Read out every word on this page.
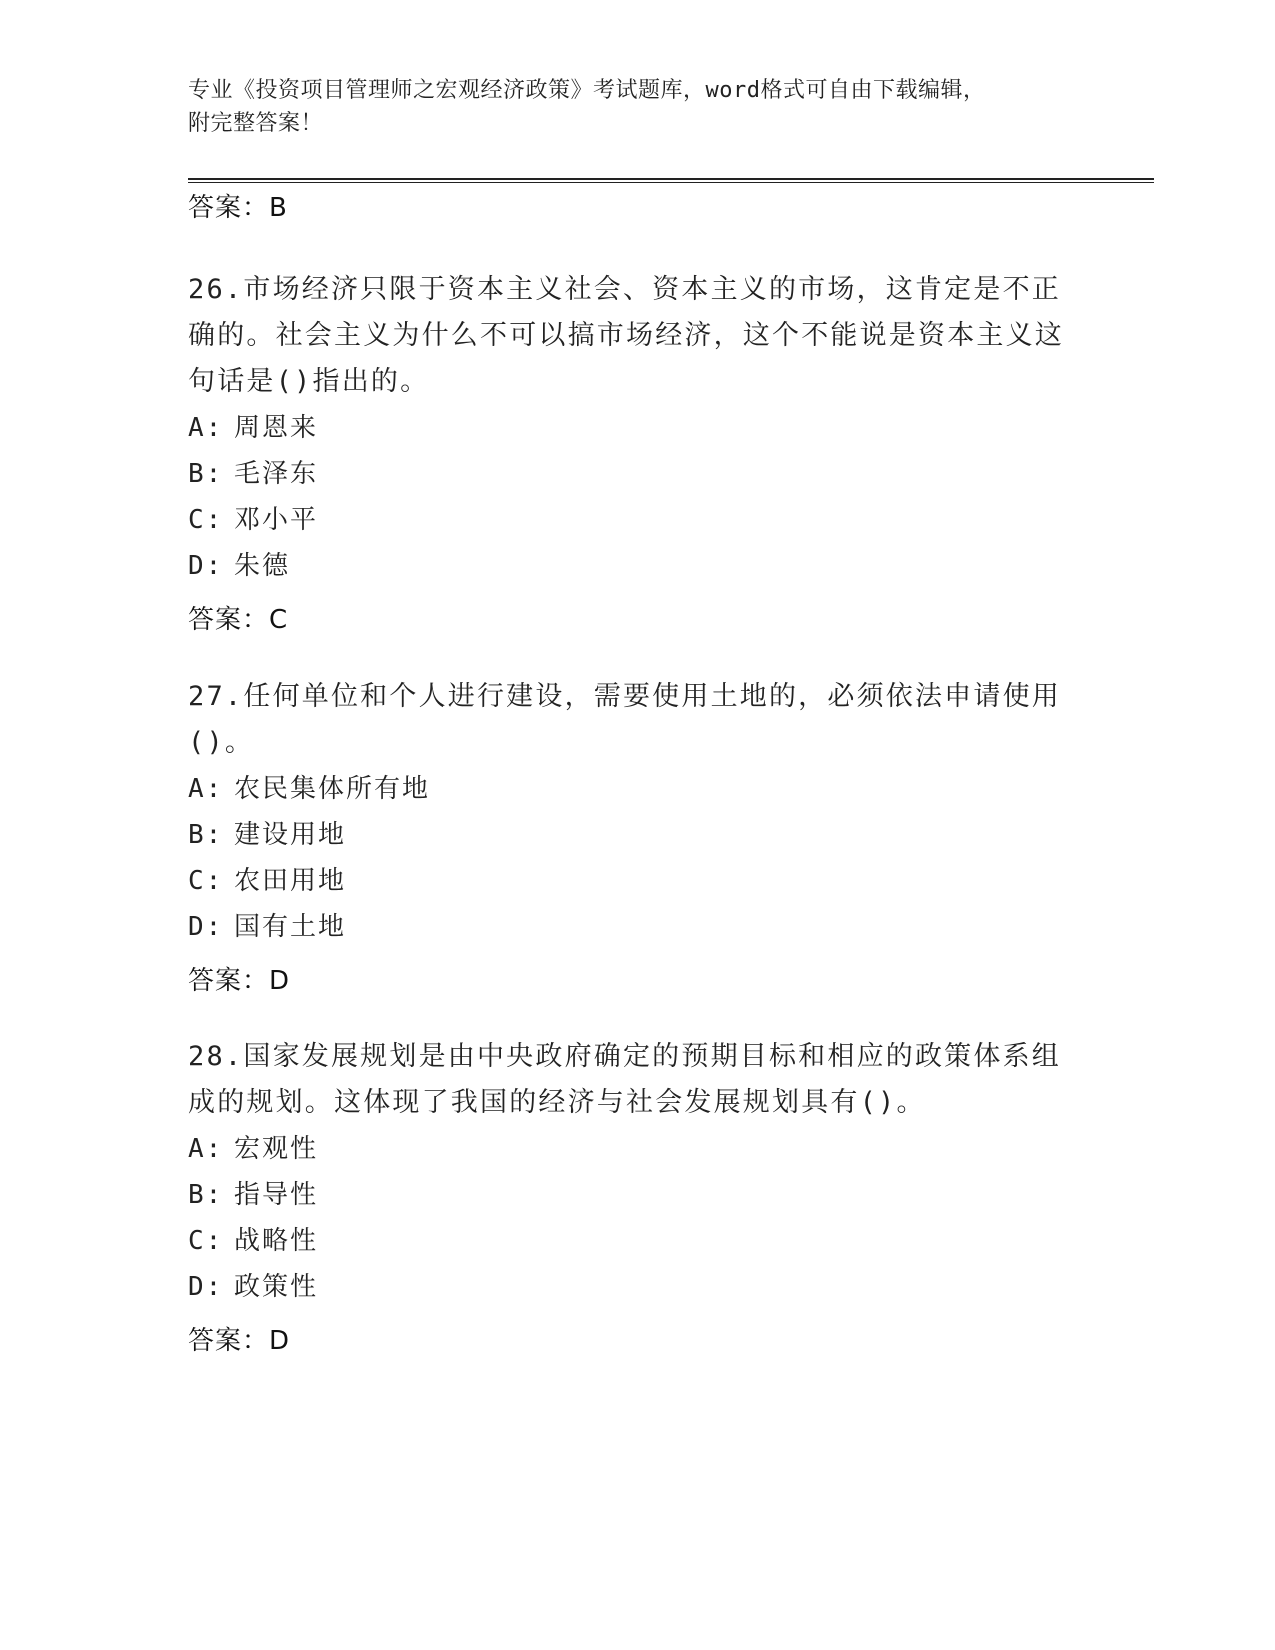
专业《投资项目管理师之宏观经济政策》考试题库，word格式可自由下载编辑，
附完整答案！
答案：B

26.市场经济只限于资本主义社会、资本主义的市场，这肯定是不正确的。社会主义为什么不可以搞市场经济，这个不能说是资本主义这句话是()指出的。

A: 周恩来

B: 毛泽东

C: 邓小平

D: 朱德

答案：C

27.任何单位和个人进行建设，需要使用土地的，必须依法申请使用()。

A: 农民集体所有地

B: 建设用地

C: 农田用地

D: 国有土地

答案：D

28.国家发展规划是由中央政府确定的预期目标和相应的政策体系组成的规划。这体现了我国的经济与社会发展规划具有()。

A: 宏观性

B: 指导性

C: 战略性

D: 政策性

答案：D
